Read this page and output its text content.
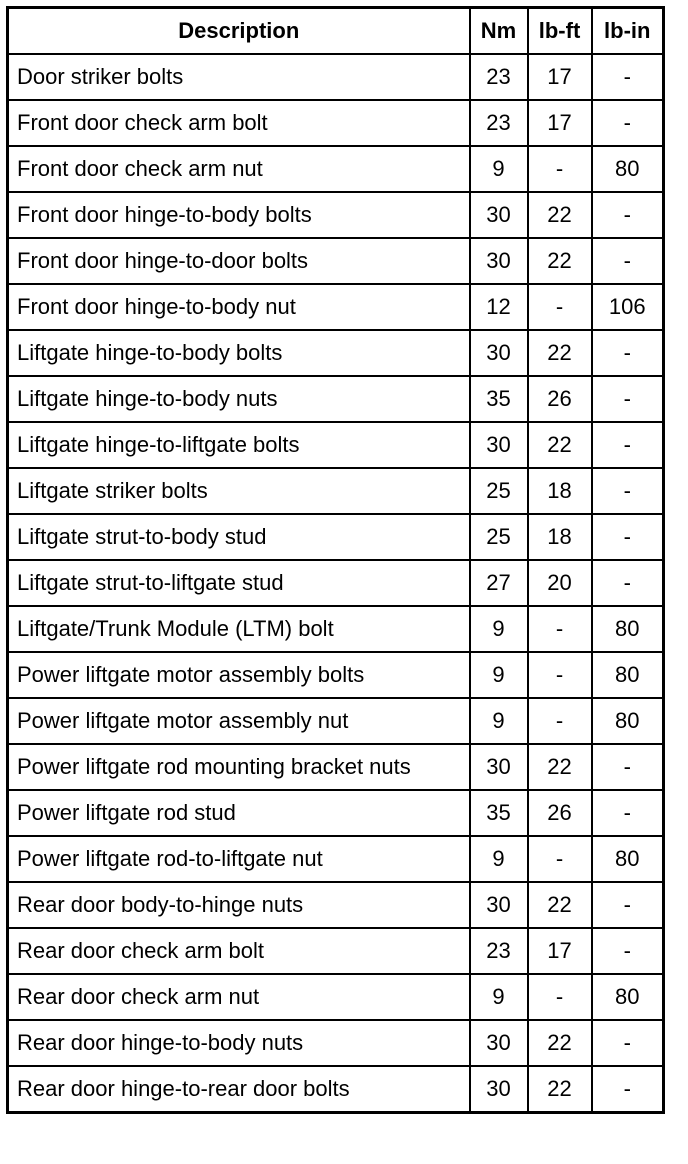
Description	Nm	lb-ft	lb-in
Door striker bolts	23	17	-
Front door check arm bolt	23	17	-
Front door check arm nut	9	-	80
Front door hinge-to-body bolts	30	22	-
Front door hinge-to-door bolts	30	22	-
Front door hinge-to-body nut	12	-	106
Liftgate hinge-to-body bolts	30	22	-
Liftgate hinge-to-body nuts	35	26	-
Liftgate hinge-to-liftgate bolts	30	22	-
Liftgate striker bolts	25	18	-
Liftgate strut-to-body stud	25	18	-
Liftgate strut-to-liftgate stud	27	20	-
Liftgate/Trunk Module (LTM) bolt	9	-	80
Power liftgate motor assembly bolts	9	-	80
Power liftgate motor assembly nut	9	-	80
Power liftgate rod mounting bracket nuts	30	22	-
Power liftgate rod stud	35	26	-
Power liftgate rod-to-liftgate nut	9	-	80
Rear door body-to-hinge nuts	30	22	-
Rear door check arm bolt	23	17	-
Rear door check arm nut	9	-	80
Rear door hinge-to-body nuts	30	22	-
Rear door hinge-to-rear door bolts	30	22	-
